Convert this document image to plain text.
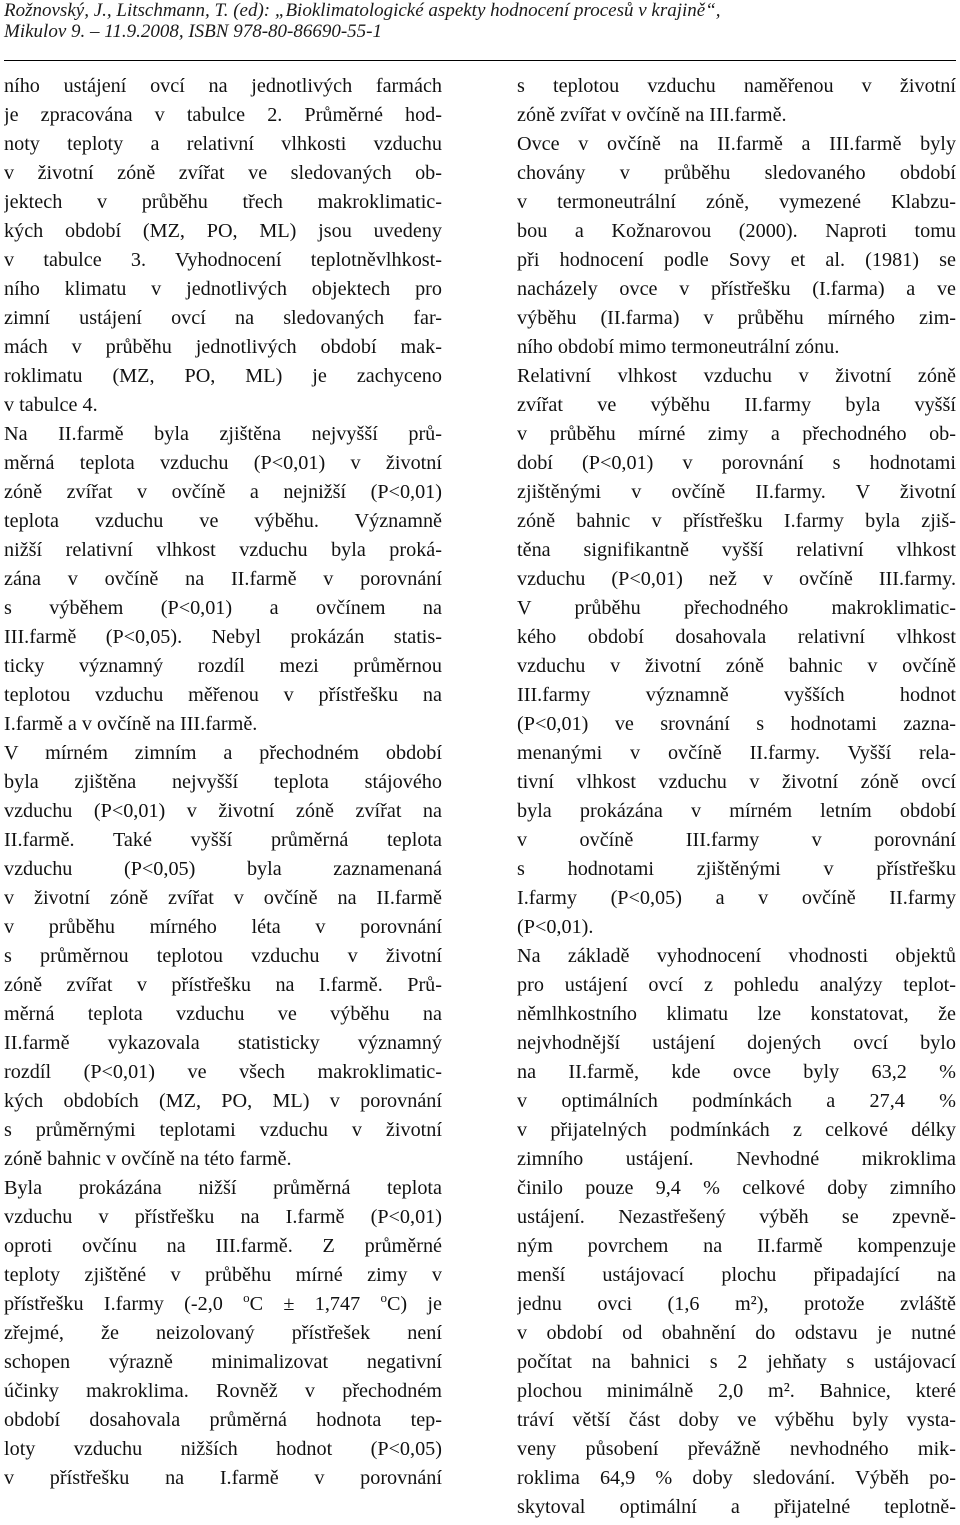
Rožnovský, J., Litschmann, T. (ed): „Bioklimatologické aspekty hodnocení procesů v krajině“,
Mikulov 9. – 11.9.2008, ISBN 978-80-86690-55-1
ního ustájení ovcí na jednotlivých farmách
je zpracována v tabulce 2. Průměrné hod-
noty teploty a relativní vlhkosti vzduchu
v životní zóně zvířat ve sledovaných ob-
jektech v průběhu třech makroklimatic-
kých období (MZ, PO, ML) jsou uvedeny
v tabulce 3. Vyhodnocení teplotněvlhkost-
ního klimatu v jednotlivých objektech pro
zimní ustájení ovcí na sledovaných far-
mách v průběhu jednotlivých období mak-
roklimatu (MZ, PO, ML) je zachyceno
v tabulce 4.
Na II.farmě byla zjištěna nejvyšší prů-
měrná teplota vzduchu (P<0,01) v životní
zóně zvířat v ovčíně a nejnižší (P<0,01)
teplota vzduchu ve výběhu. Významně
nižší relativní vlhkost vzduchu byla proká-
zána v ovčíně na II.farmě v porovnání
s výběhem (P<0,01) a ovčínem na
III.farmě (P<0,05). Nebyl prokázán statis-
ticky významný rozdíl mezi průměrnou
teplotou vzduchu měřenou v přístřešku na
I.farmě a v ovčíně na III.farmě.
V mírném zimním a přechodném období
byla zjištěna nejvyšší teplota stájového
vzduchu (P<0,01) v životní zóně zvířat na
II.farmě. Také vyšší průměrná teplota
vzduchu (P<0,05) byla zaznamenaná
v životní zóně zvířat v ovčíně na II.farmě
v průběhu mírného léta v porovnání
s průměrnou teplotou vzduchu v životní
zóně zvířat v přístřešku na I.farmě. Prů-
měrná teplota vzduchu ve výběhu na
II.farmě vykazovala statisticky významný
rozdíl (P<0,01) ve všech makroklimatic-
kých obdobích (MZ, PO, ML) v porovnání
s průměrnými teplotami vzduchu v životní
zóně bahnic v ovčíně na této farmě.
Byla prokázána nižší průměrná teplota
vzduchu v přístřešku na I.farmě (P<0,01)
oproti ovčínu na III.farmě. Z průměrné
teploty zjištěné v průběhu mírné zimy v
přístřešku I.farmy (-2,0 $^o$C ± 1,747 $^o$C) je
zřejmé, že neizolovaný přístřešek není
schopen výrazně minimalizovat negativní
účinky makroklima. Rovněž v přechodném
období dosahovala průměrná hodnota tep-
loty vzduchu nižších hodnot (P<0,05)
v přístřešku na I.farmě v porovnání
s teplotou vzduchu naměřenou v životní
zóně zvířat v ovčíně na III.farmě.
Ovce v ovčíně na II.farmě a III.farmě byly
chovány v průběhu sledovaného období
v termoneutrální zóně, vymezené Klabzu-
bou a Kožnarovou (2000). Naproti tomu
při hodnocení podle Sovy et al. (1981) se
nacházely ovce v přístřešku (I.farma) a ve
výběhu (II.farma) v průběhu mírného zim-
ního období mimo termoneutrální zónu.
Relativní vlhkost vzduchu v životní zóně
zvířat ve výběhu II.farmy byla vyšší
v průběhu mírné zimy a přechodného ob-
dobí (P<0,01) v porovnání s hodnotami
zjištěnými v ovčíně II.farmy. V životní
zóně bahnic v přístřešku I.farmy byla zjiš-
těna signifikantně vyšší relativní vlhkost
vzduchu (P<0,01) než v ovčíně III.farmy.
V průběhu přechodného makroklimatic-
kého období dosahovala relativní vlhkost
vzduchu v životní zóně bahnic v ovčíně
III.farmy významně vyšších hodnot
(P<0,01) ve srovnání s hodnotami zazna-
menanými v ovčíně II.farmy. Vyšší rela-
tivní vlhkost vzduchu v životní zóně ovcí
byla prokázána v mírném letním období
v ovčíně III.farmy v porovnání
s hodnotami zjištěnými v přístřešku
I.farmy (P<0,05) a v ovčíně II.farmy
(P<0,01).
Na základě vyhodnocení vhodnosti objektů
pro ustájení ovcí z pohledu analýzy teplot-
němlhkostního klimatu lze konstatovat, že
nejvhodnější ustájení dojených ovcí bylo
na II.farmě, kde ovce byly 63,2 %
v optimálních podmínkách a 27,4 %
v přijatelných podmínkách z celkové délky
zimního ustájení. Nevhodné mikroklima
činilo pouze 9,4 % celkové doby zimního
ustájení. Nezastřešený výběh se zpevně-
ným povrchem na II.farmě kompenzuje
menší ustájovací plochu připadající na
jednu ovci (1,6 m²), protože zvláště
v období od obahnění do odstavu je nutné
počítat na bahnici s 2 jehňaty s ustájovací
plochou minimálně 2,0 m². Bahnice, které
tráví větší část doby ve výběhu byly vysta-
veny působení převážně nevhodného mik-
roklima 64,9 % doby sledování. Výběh po-
skytoval optimální a přijatelné teplotně-
